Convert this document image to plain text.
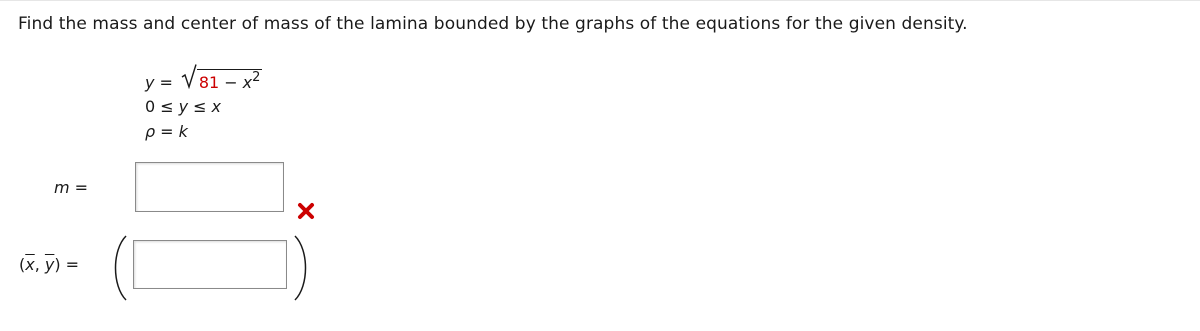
Find the mass and center of mass of the lamina bounded by the graphs of the equations for the given density.
$y = 81 - x^2$
0 ≤ y ≤ x
ρ = k
m =
($\overline{x}$, $\overline{y}$) =
